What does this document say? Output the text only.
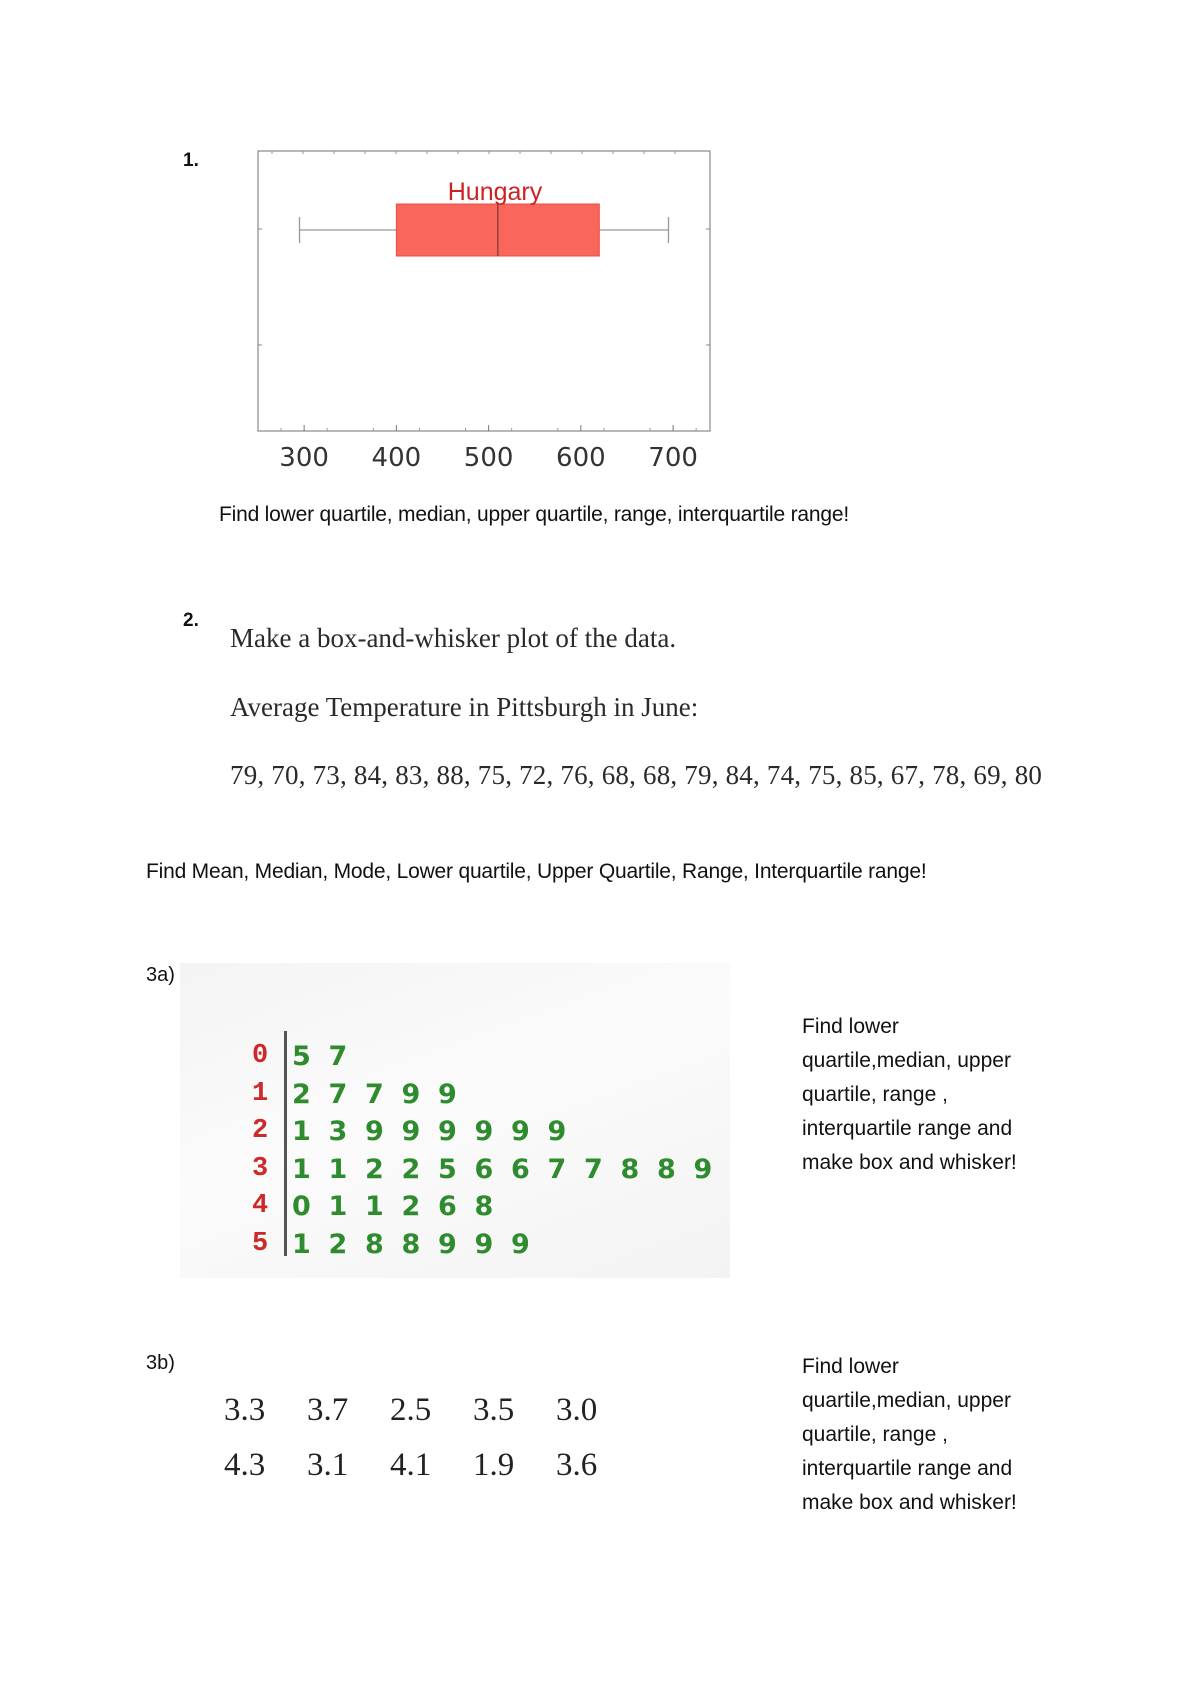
1.
300 400 500 600 700
Hungary
Find lower quartile, median, upper quartile, range, interquartile range!
2.
Make a box-and-whisker plot of the data.
Average Temperature in Pittsburgh in June:
79, 70, 73, 84, 83, 88, 75, 72, 76, 68, 68, 79, 84, 74, 75, 85, 67, 78, 69, 80
Find Mean, Median, Mode, Lower quartile, Upper Quartile, Range, Interquartile range!
3a)
0
1
2
3
4
5
5 7
2 7 7 9 9
1 3 9 9 9 9 9 9
1 1 2 2 5 6 6 7 7 8 8 9
0 1 1 2 6 8
1 2 8 8 9 9 9
Find lower
quartile,median, upper
quartile, range ,
interquartile range and
make box and whisker!
3b)
3.3 3.7 2.5 3.5 3.0
4.3 3.1 4.1 1.9 3.6
Find lower
quartile,median, upper
quartile, range ,
interquartile range and
make box and whisker!
